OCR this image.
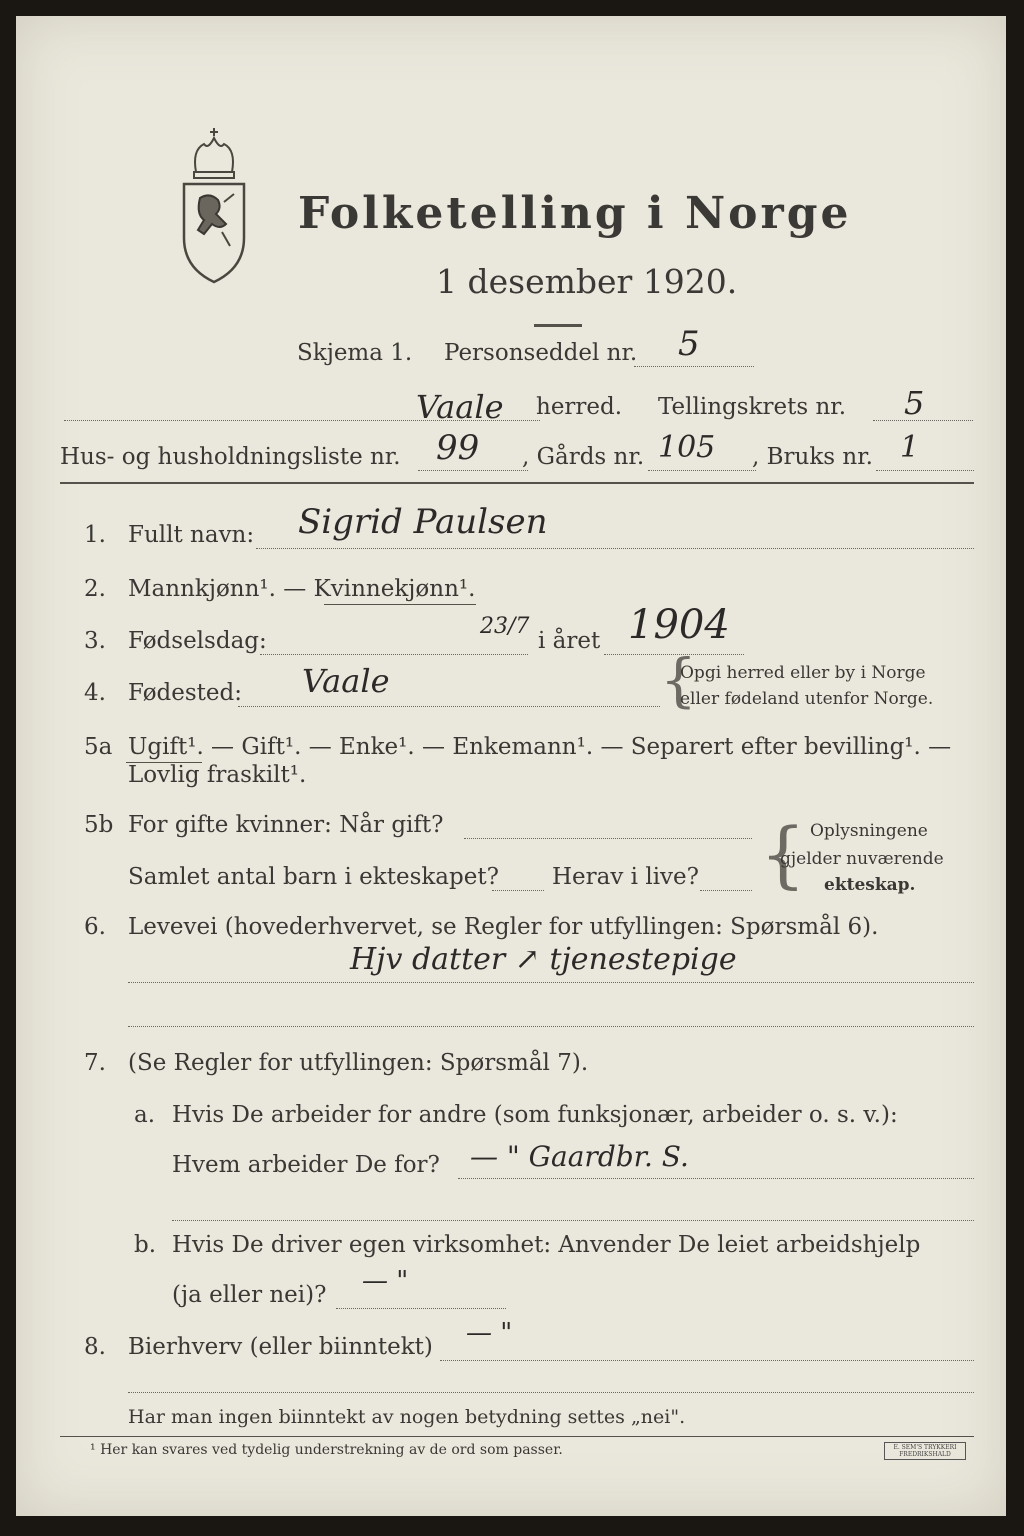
Folketelling i Norge
1 desember 1920.
Skjema 1. Personseddel nr. 5
Vaale herred. Tellingskrets nr. 5
Hus- og husholdningsliste nr. 99 , Gårds nr. 105 , Bruks nr. 1
1. Fullt navn: Sigrid Paulsen
2. Mannkjønn¹. — Kvinnekjønn¹.
3. Fødselsdag:
23/7
i året 1904
4. Fødested: Vaale	{
Opgi herred eller by i Norge
eller fødeland utenfor Norge.
5a Ugift¹. — Gift¹. — Enke¹. — Enkemann¹. — Separert efter bevilling¹. —
Lovlig fraskilt¹.
5b For gifte kvinner: Når gift?
Samlet antal barn i ekteskapet? Herav i live? { Oplysningene
gjelder nuværende
ekteskap.
6. Levevei (hovederhvervet, se Regler for utfyllingen: Spørsmål 6).
Hjv datter ↗ tjenestepige
7. (Se Regler for utfyllingen: Spørsmål 7).
a. Hvis De arbeider for andre (som funksjonær, arbeider o. s. v.):
Hvem arbeider De for? — " Gaardbr. S.
b. Hvis De driver egen virksomhet: Anvender De leiet arbeidshjelp
(ja eller nei)? — "
8. Bierhverv (eller biinntekt) — "
Har man ingen biinntekt av nogen betydning settes „nei".
¹ Her kan svares ved tydelig understrekning av de ord som passer.	E. SEM'S TRYKKERI
FREDRIKSHALD
